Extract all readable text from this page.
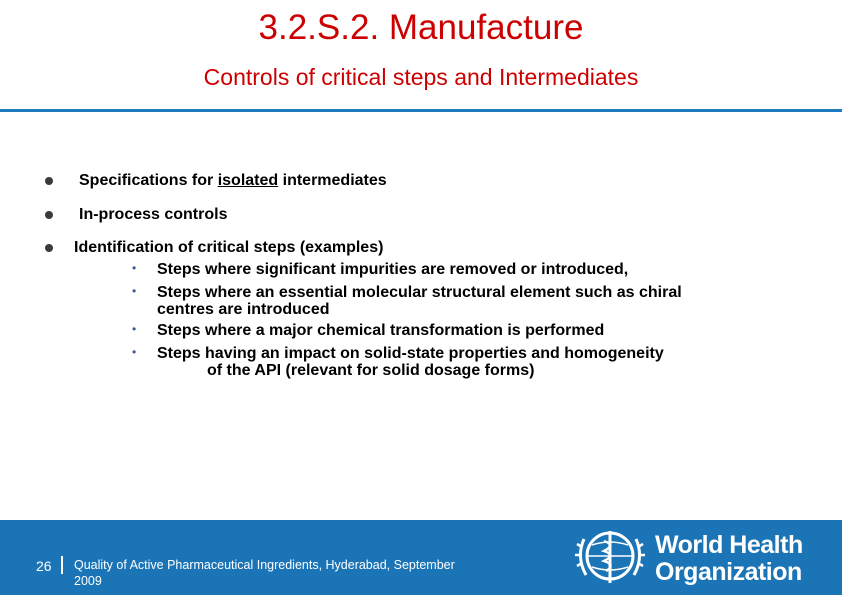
3.2.S.2. Manufacture
Controls of critical steps and Intermediates
Specifications for isolated intermediates
In-process controls
Identification of critical steps (examples)
• Steps where significant impurities are removed or introduced,
• Steps where an essential molecular structural element such as chiral
centres are introduced
• Steps where a major chemical transformation is performed
• Steps having an impact on solid-state properties and homogeneity
of the API (relevant for solid dosage forms)
26 Quality of Active Pharmaceutical Ingredients, Hyderabad, September
2009
World Health
Organization
